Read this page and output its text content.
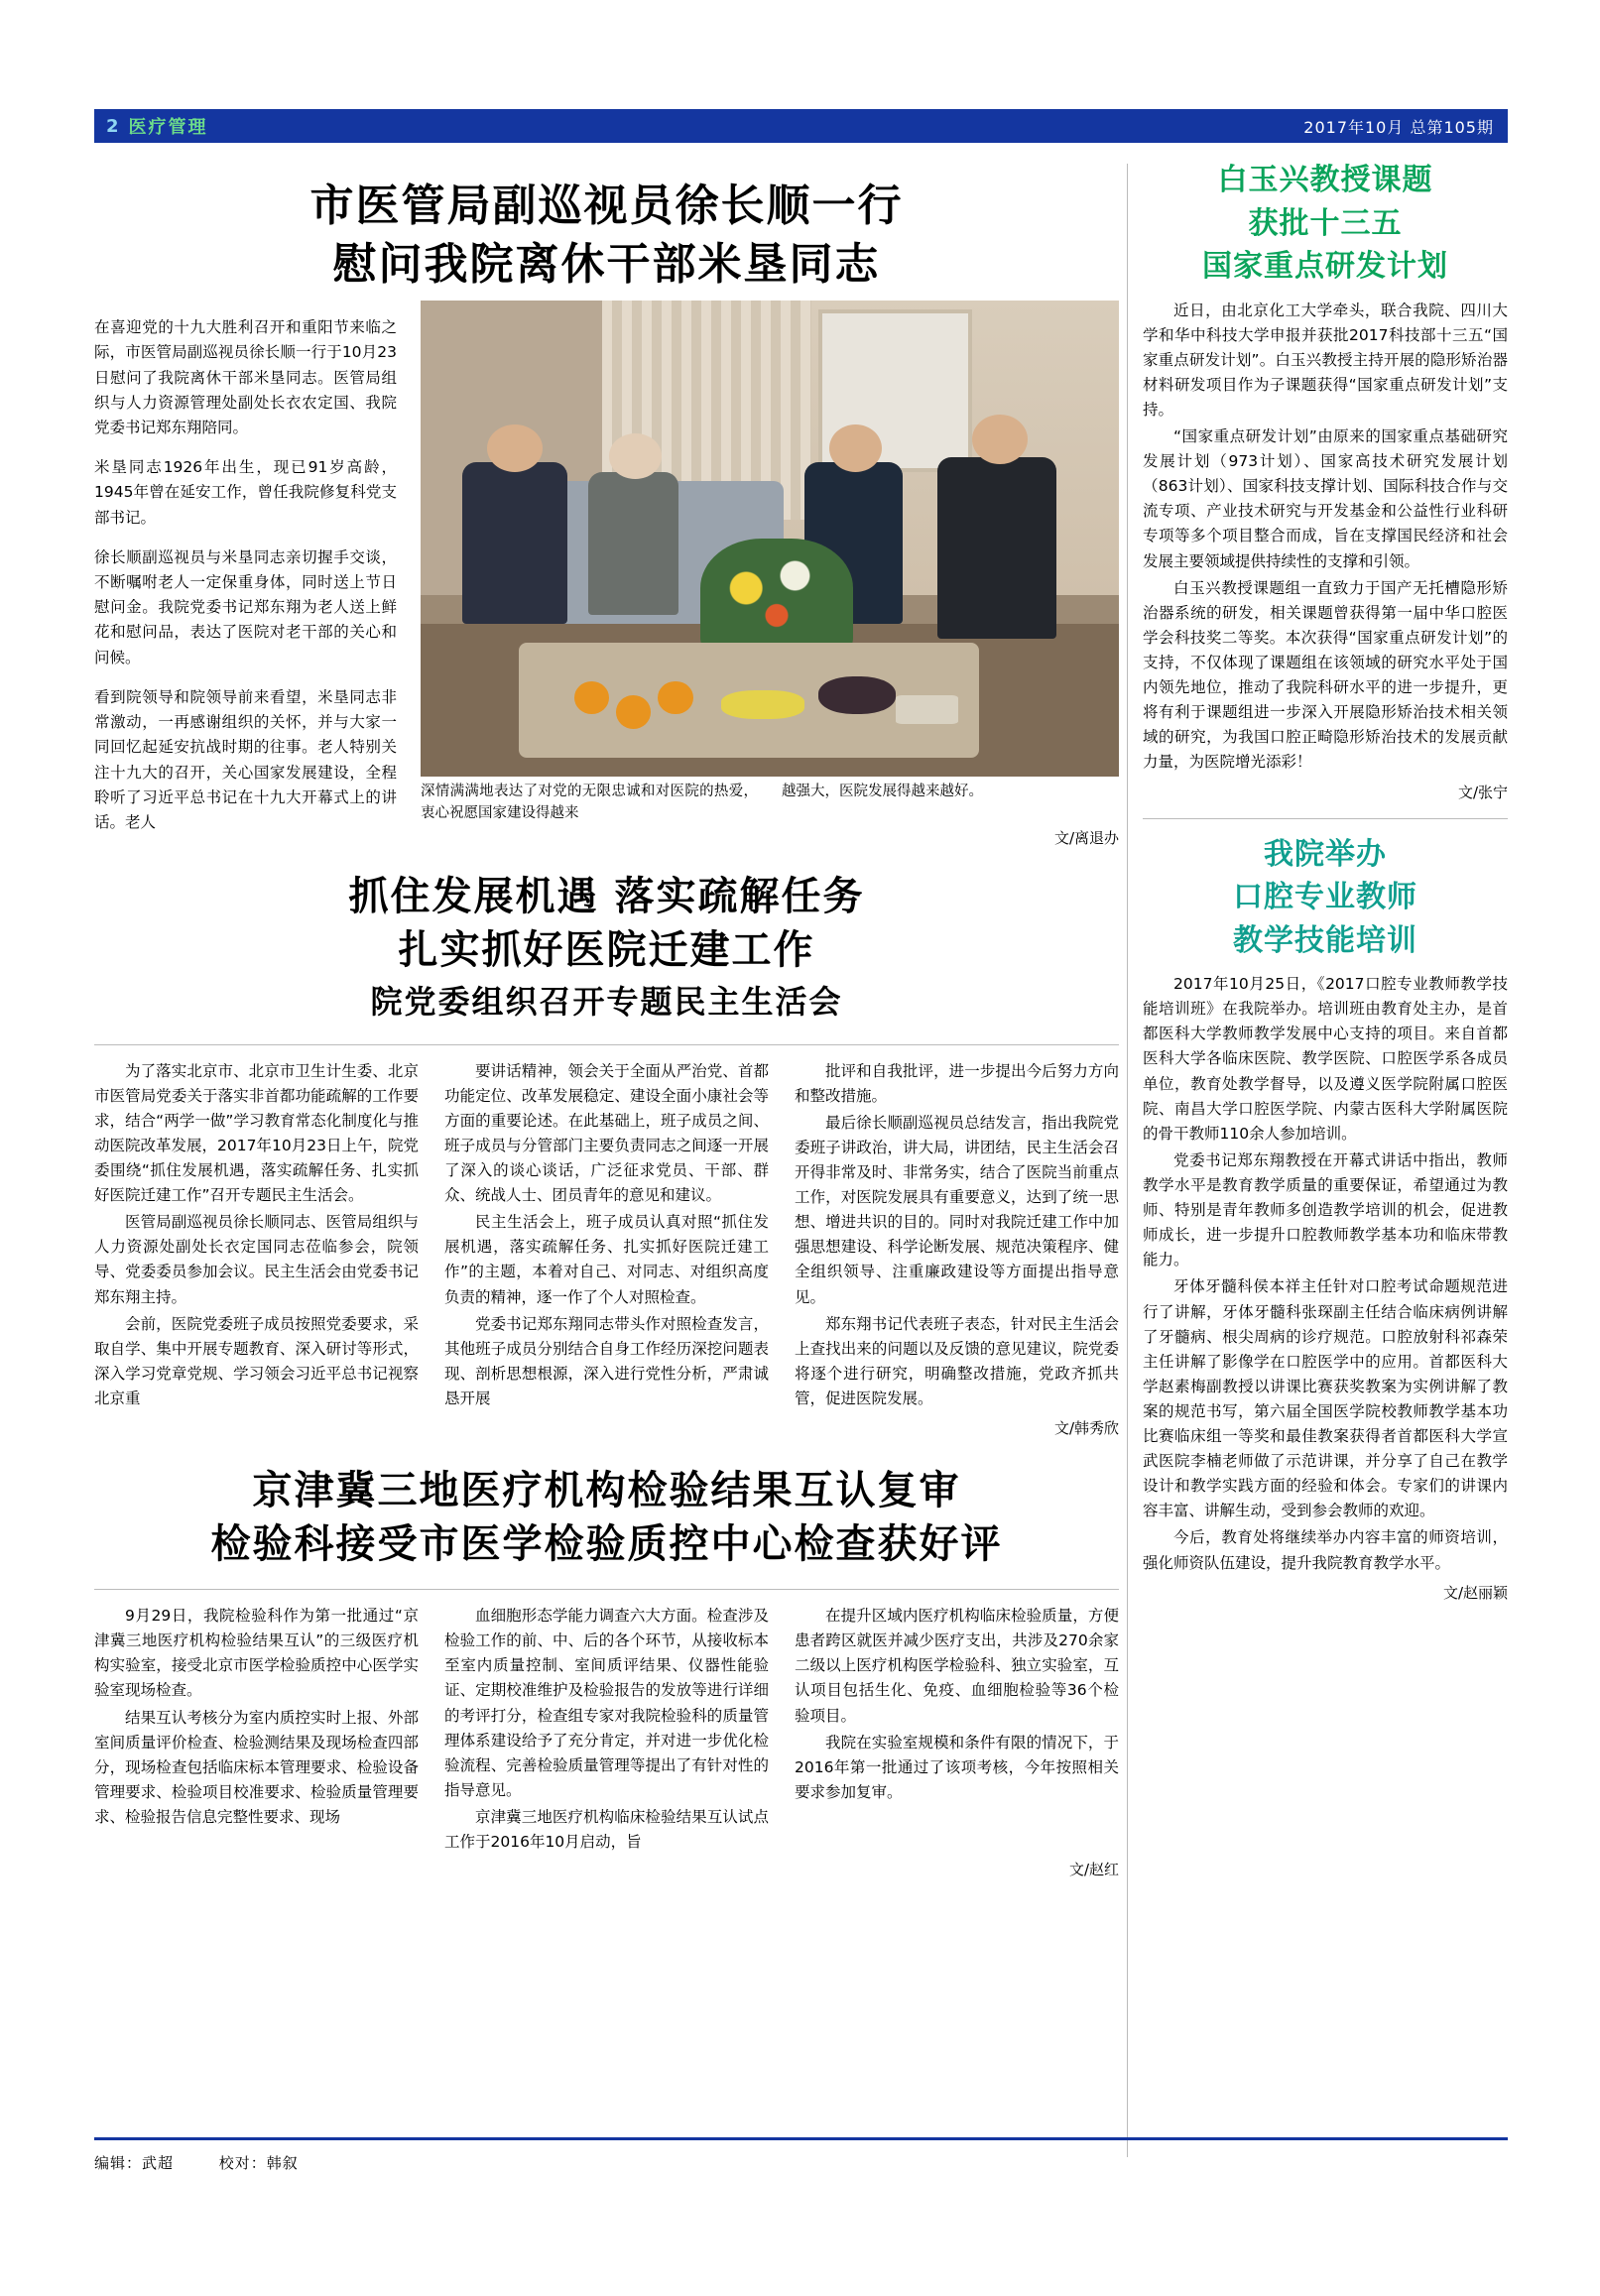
2 医疗管理	2017年10月 总第105期
市医管局副巡视员徐长顺一行
慰问我院离休干部米垦同志

在喜迎党的十九大胜利召开和重阳节来临之际，市医管局副巡视员徐长顺一行于10月23日慰问了我院离休干部米垦同志。医管局组织与人力资源管理处副处长衣农定国、我院党委书记郑东翔陪同。

米垦同志1926年出生，现已91岁高龄，1945年曾在延安工作，曾任我院修复科党支部书记。

徐长顺副巡视员与米垦同志亲切握手交谈，不断嘱咐老人一定保重身体，同时送上节日慰问金。我院党委书记郑东翔为老人送上鲜花和慰问品，表达了医院对老干部的关心和问候。

看到院领导和院领导前来看望，米垦同志非常激动，一再感谢组织的关怀，并与大家一同回忆起延安抗战时期的往事。老人特别关注十九大的召开，关心国家发展建设，全程聆听了习近平总书记在十九大开幕式上的讲话。老人

深情满满地表达了对党的无限忠诚和对医院的热爱，衷心祝愿国家建设得越来

越强大，医院发展得越来越好。

文/离退办
抓住发展机遇 落实疏解任务
扎实抓好医院迁建工作
院党委组织召开专题民主生活会

为了落实北京市、北京市卫生计生委、北京市医管局党委关于落实非首都功能疏解的工作要求，结合“两学一做”学习教育常态化制度化与推动医院改革发展，2017年10月23日上午，院党委围绕“抓住发展机遇，落实疏解任务、扎实抓好医院迁建工作”召开专题民主生活会。

医管局副巡视员徐长顺同志、医管局组织与人力资源处副处长衣定国同志莅临参会，院领导、党委委员参加会议。民主生活会由党委书记郑东翔主持。

会前，医院党委班子成员按照党委要求，采取自学、集中开展专题教育、深入研讨等形式，深入学习党章党规、学习领会习近平总书记视察北京重

要讲话精神，领会关于全面从严治党、首都功能定位、改革发展稳定、建设全面小康社会等方面的重要论述。在此基础上，班子成员之间、班子成员与分管部门主要负责同志之间逐一开展了深入的谈心谈话，广泛征求党员、干部、群众、统战人士、团员青年的意见和建议。

民主生活会上，班子成员认真对照“抓住发展机遇，落实疏解任务、扎实抓好医院迁建工作”的主题，本着对自己、对同志、对组织高度负责的精神，逐一作了个人对照检查。

党委书记郑东翔同志带头作对照检查发言，其他班子成员分别结合自身工作经历深挖问题表现、剖析思想根源，深入进行党性分析，严肃诚恳开展

批评和自我批评，进一步提出今后努力方向和整改措施。

最后徐长顺副巡视员总结发言，指出我院党委班子讲政治，讲大局，讲团结，民主生活会召开得非常及时、非常务实，结合了医院当前重点工作，对医院发展具有重要意义，达到了统一思想、增进共识的目的。同时对我院迁建工作中加强思想建设、科学论断发展、规范决策程序、健全组织领导、注重廉政建设等方面提出指导意见。

郑东翔书记代表班子表态，针对民主生活会上查找出来的问题以及反馈的意见建议，院党委将逐个进行研究，明确整改措施，党政齐抓共管，促进医院发展。

文/韩秀欣
京津冀三地医疗机构检验结果互认复审
检验科接受市医学检验质控中心检查获好评

9月29日，我院检验科作为第一批通过“京津冀三地医疗机构检验结果互认”的三级医疗机构实验室，接受北京市医学检验质控中心医学实验室现场检查。

结果互认考核分为室内质控实时上报、外部室间质量评价检查、检验测结果及现场检查四部分，现场检查包括临床标本管理要求、检验设备管理要求、检验项目校准要求、检验质量管理要求、检验报告信息完整性要求、现场

血细胞形态学能力调查六大方面。检查涉及检验工作的前、中、后的各个环节，从接收标本至室内质量控制、室间质评结果、仪器性能验证、定期校准维护及检验报告的发放等进行详细的考评打分，检查组专家对我院检验科的质量管理体系建设给予了充分肯定，并对进一步优化检验流程、完善检验质量管理等提出了有针对性的指导意见。

京津冀三地医疗机构临床检验结果互认试点工作于2016年10月启动，旨

在提升区域内医疗机构临床检验质量，方便患者跨区就医并减少医疗支出，共涉及270余家二级以上医疗机构医学检验科、独立实验室，互认项目包括生化、免疫、血细胞检验等36个检验项目。

我院在实验室规模和条件有限的情况下，于2016年第一批通过了该项考核，今年按照相关要求参加复审。

文/赵红
白玉兴教授课题
获批十三五
国家重点研发计划

近日，由北京化工大学牵头，联合我院、四川大学和华中科技大学申报并获批2017科技部十三五“国家重点研发计划”。白玉兴教授主持开展的隐形矫治器材料研发项目作为子课题获得“国家重点研发计划”支持。

“国家重点研发计划”由原来的国家重点基础研究发展计划（973计划）、国家高技术研究发展计划（863计划）、国家科技支撑计划、国际科技合作与交流专项、产业技术研究与开发基金和公益性行业科研专项等多个项目整合而成，旨在支撑国民经济和社会发展主要领域提供持续性的支撑和引领。

白玉兴教授课题组一直致力于国产无托槽隐形矫治器系统的研发，相关课题曾获得第一届中华口腔医学会科技奖二等奖。本次获得“国家重点研发计划”的支持，不仅体现了课题组在该领域的研究水平处于国内领先地位，推动了我院科研水平的进一步提升，更将有利于课题组进一步深入开展隐形矫治技术相关领域的研究，为我国口腔正畸隐形矫治技术的发展贡献力量，为医院增光添彩！

文/张宁
我院举办
口腔专业教师
教学技能培训

2017年10月25日，《2017口腔专业教师教学技能培训班》在我院举办。培训班由教育处主办，是首都医科大学教师教学发展中心支持的项目。来自首都医科大学各临床医院、教学医院、口腔医学系各成员单位，教育处教学督导，以及遵义医学院附属口腔医院、南昌大学口腔医学院、内蒙古医科大学附属医院的骨干教师110余人参加培训。

党委书记郑东翔教授在开幕式讲话中指出，教师教学水平是教育教学质量的重要保证，希望通过为教师、特别是青年教师多创造教学培训的机会，促进教师成长，进一步提升口腔教师教学基本功和临床带教能力。

牙体牙髓科侯本祥主任针对口腔考试命题规范进行了讲解，牙体牙髓科张琛副主任结合临床病例讲解了牙髓病、根尖周病的诊疗规范。口腔放射科祁森荣主任讲解了影像学在口腔医学中的应用。首都医科大学赵素梅副教授以讲课比赛获奖教案为实例讲解了教案的规范书写，第六届全国医学院校教师教学基本功比赛临床组一等奖和最佳教案获得者首都医科大学宣武医院李楠老师做了示范讲课，并分享了自己在教学设计和教学实践方面的经验和体会。专家们的讲课内容丰富、讲解生动，受到参会教师的欢迎。

今后，教育处将继续举办内容丰富的师资培训，强化师资队伍建设，提升我院教育教学水平。

文/赵丽颖
编辑：武超	校对：韩叙
